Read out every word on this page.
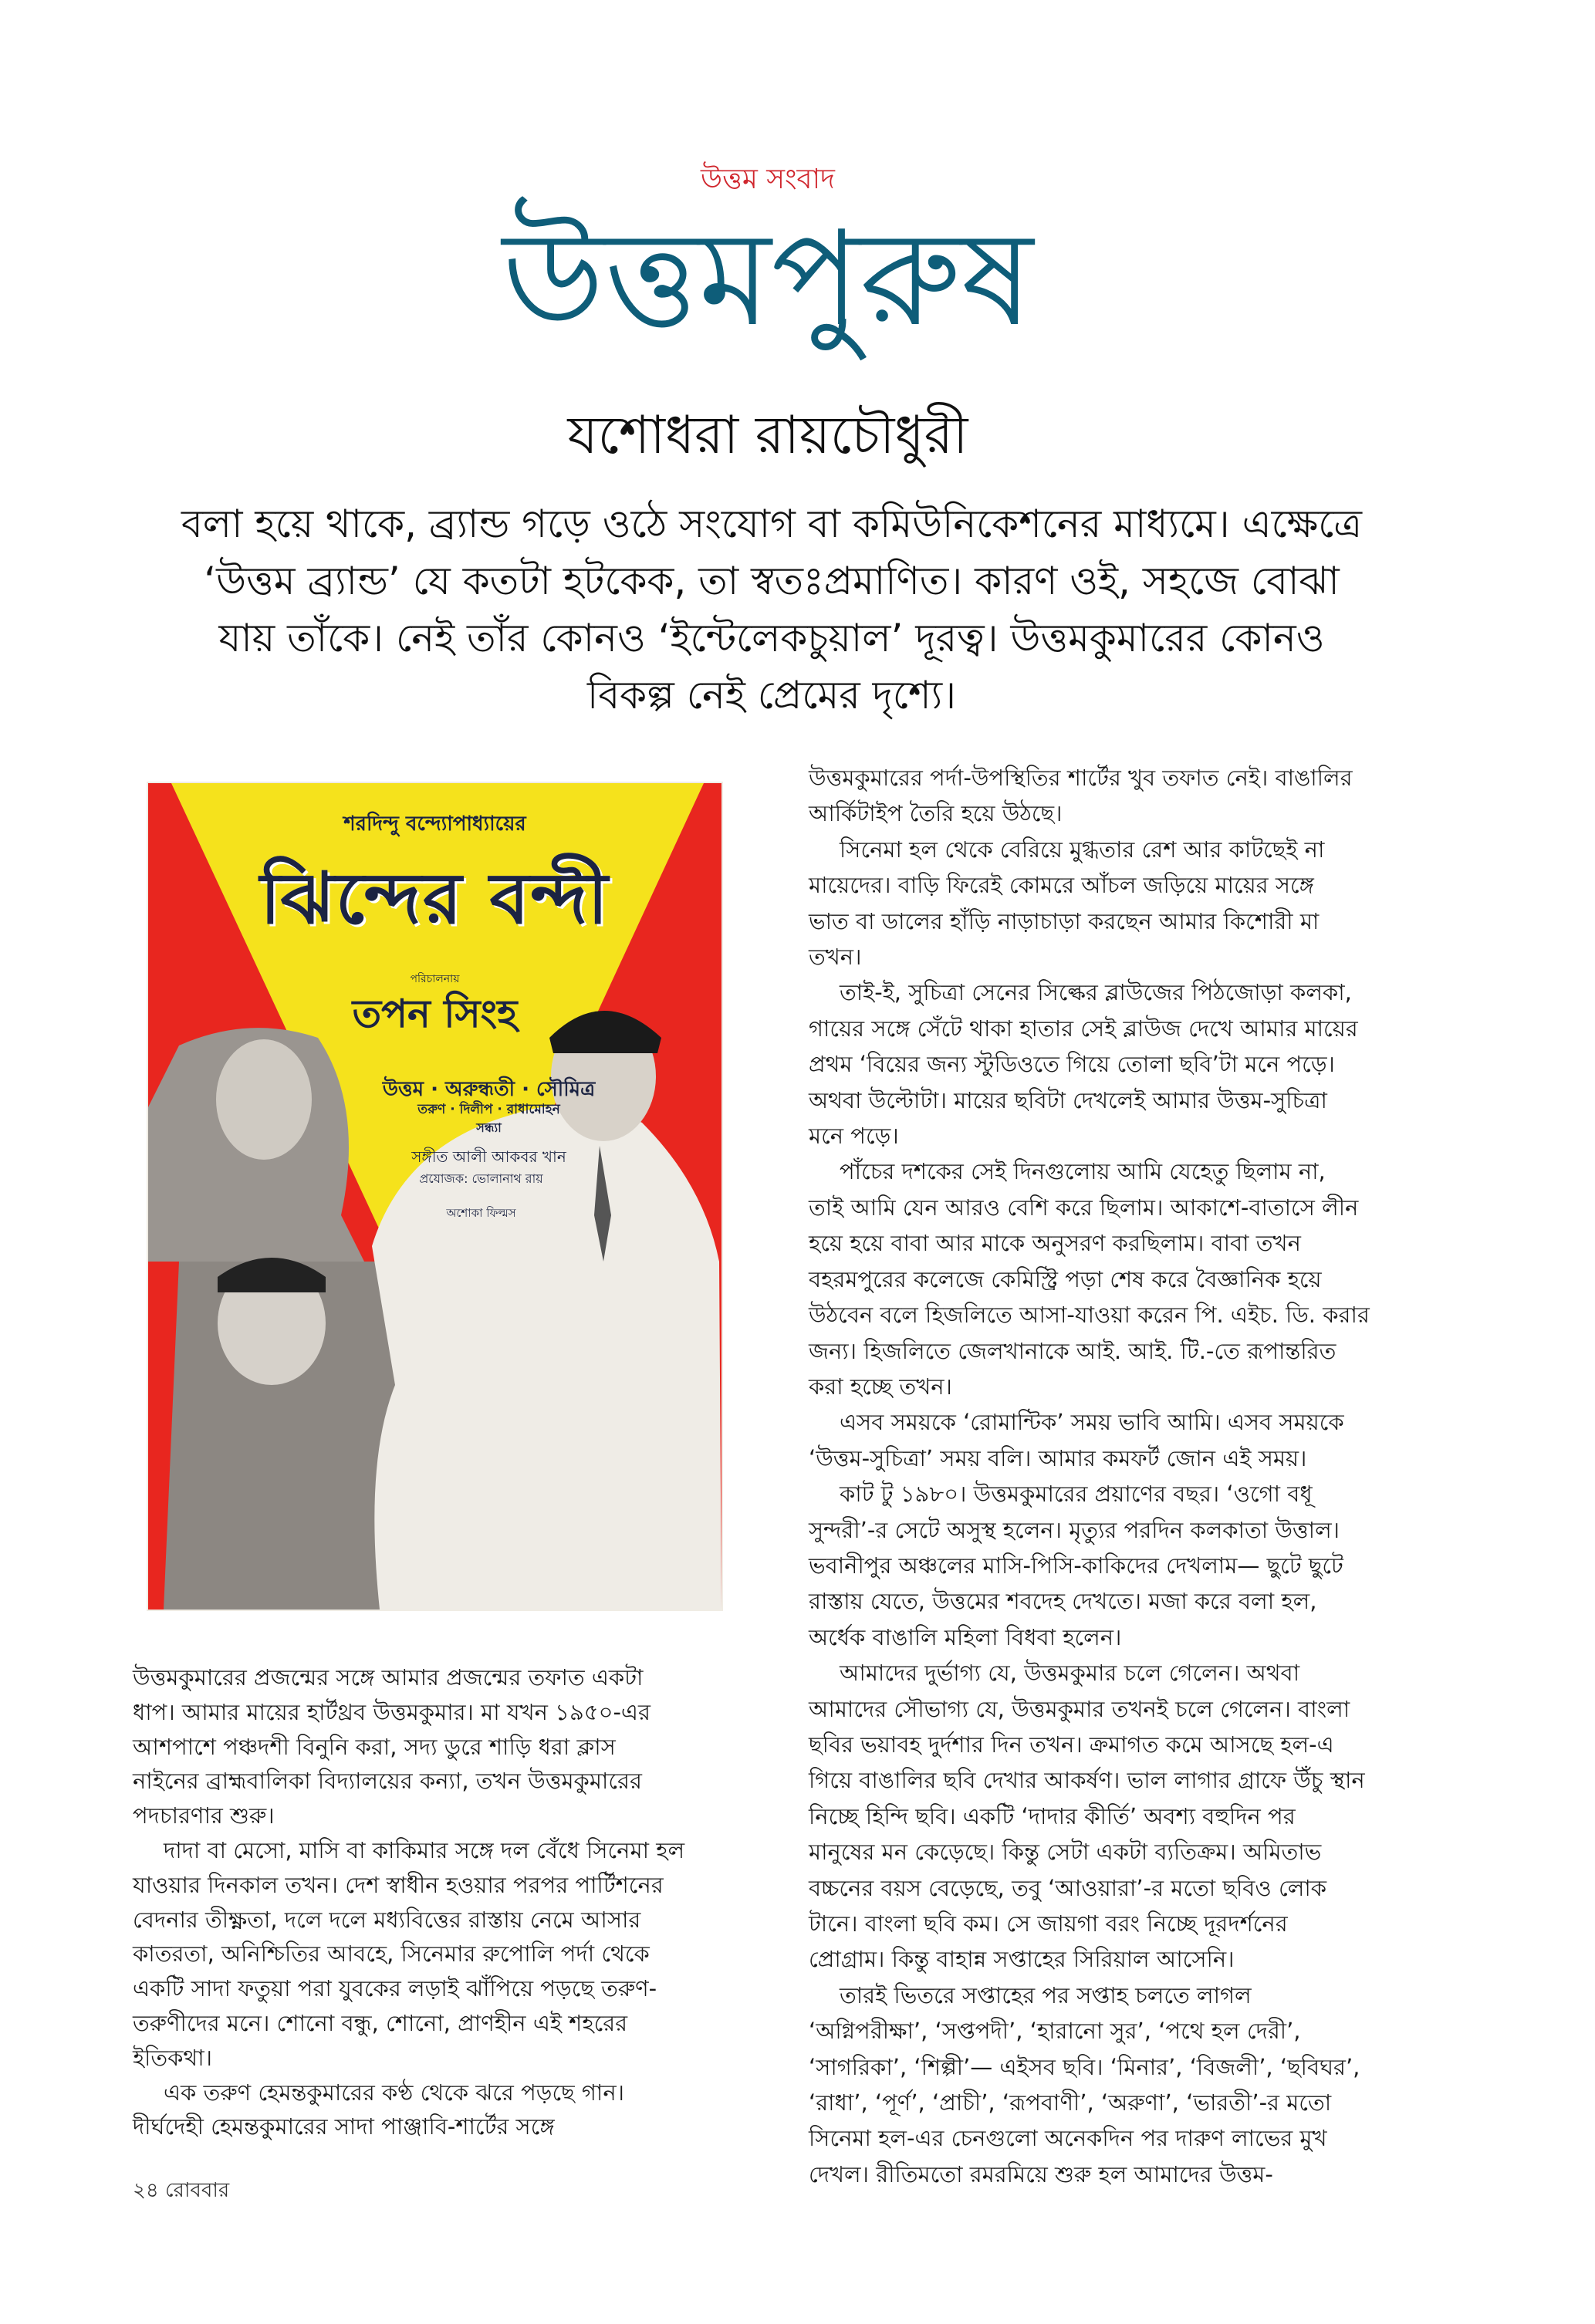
উত্তম সংবাদ
উত্তমপুরুষ
যশোধরা রায়চৌধুরী
বলা হয়ে থাকে, ব্র্যান্ড গড়ে ওঠে সংযোগ বা কমিউনিকেশনের মাধ্যমে। এক্ষেত্রে
‘উত্তম ব্র্যান্ড’ যে কতটা হটকেক, তা স্বতঃপ্রমাণিত। কারণ ওই, সহজে বোঝা
যায় তাঁকে। নেই তাঁর কোনও ‘ইন্টেলেকচুয়াল’ দূরত্ব। উত্তমকুমারের কোনও
বিকল্প নেই প্রেমের দৃশ্যে।
শরদিন্দু বন্দ্যোপাধ্যায়ের
ঝিন্দের বন্দী
পরিচালনায়
তপন সিংহ
উত্তম · অরুন্ধতী · সৌমিত্র
তরুণ · দিলীপ · রাধামোহন
সন্ধ্যা
সঙ্গীত আলী আকবর খান
প্রযোজক: ভোলানাথ রায়
অশোকা ফিল্মস
উত্তমকুমারের প্রজন্মের সঙ্গে আমার প্রজন্মের তফাত একটা
ধাপ। আমার মায়ের হার্টথ্রব উত্তমকুমার। মা যখন ১৯৫০-এর
আশপাশে পঞ্চদশী বিনুনি করা, সদ্য ডুরে শাড়ি ধরা ক্লাস
নাইনের ব্রাহ্মবালিকা বিদ্যালয়ের কন্যা, তখন উত্তমকুমারের
পদচারণার শুরু।
দাদা বা মেসো, মাসি বা কাকিমার সঙ্গে দল বেঁধে সিনেমা হল
যাওয়ার দিনকাল তখন। দেশ স্বাধীন হওয়ার পরপর পার্টিশনের
বেদনার তীক্ষ্ণতা, দলে দলে মধ্যবিত্তের রাস্তায় নেমে আসার
কাতরতা, অনিশ্চিতির আবহে, সিনেমার রুপোলি পর্দা থেকে
একটি সাদা ফতুয়া পরা যুবকের লড়াই ঝাঁপিয়ে পড়ছে তরুণ-
তরুণীদের মনে। শোনো বন্ধু, শোনো, প্রাণহীন এই শহরের
ইতিকথা।
এক তরুণ হেমন্তকুমারের কণ্ঠ থেকে ঝরে পড়ছে গান।
দীর্ঘদেহী হেমন্তকুমারের সাদা পাঞ্জাবি-শার্টের সঙ্গে
উত্তমকুমারের পর্দা-উপস্থিতির শার্টের খুব তফাত নেই। বাঙালির
আর্কিটাইপ তৈরি হয়ে উঠছে।
সিনেমা হল থেকে বেরিয়ে মুগ্ধতার রেশ আর কাটছেই না
মায়েদের। বাড়ি ফিরেই কোমরে আঁচল জড়িয়ে মায়ের সঙ্গে
ভাত বা ডালের হাঁড়ি নাড়াচাড়া করছেন আমার কিশোরী মা
তখন।
তাই-ই, সুচিত্রা সেনের সিল্কের ব্লাউজের পিঠজোড়া কলকা,
গায়ের সঙ্গে সেঁটে থাকা হাতার সেই ব্লাউজ দেখে আমার মায়ের
প্রথম ‘বিয়ের জন্য স্টুডিওতে গিয়ে তোলা ছবি’টা মনে পড়ে।
অথবা উল্টোটা। মায়ের ছবিটা দেখলেই আমার উত্তম-সুচিত্রা
মনে পড়ে।
পাঁচের দশকের সেই দিনগুলোয় আমি যেহেতু ছিলাম না,
তাই আমি যেন আরও বেশি করে ছিলাম। আকাশে-বাতাসে লীন
হয়ে হয়ে বাবা আর মাকে অনুসরণ করছিলাম। বাবা তখন
বহরমপুরের কলেজে কেমিস্ট্রি পড়া শেষ করে বৈজ্ঞানিক হয়ে
উঠবেন বলে হিজলিতে আসা-যাওয়া করেন পি. এইচ. ডি. করার
জন্য। হিজলিতে জেলখানাকে আই. আই. টি.-তে রূপান্তরিত
করা হচ্ছে তখন।
এসব সময়কে ‘রোমান্টিক’ সময় ভাবি আমি। এসব সময়কে
‘উত্তম-সুচিত্রা’ সময় বলি। আমার কমফর্ট জোন এই সময়।
কাট টু ১৯৮০। উত্তমকুমারের প্রয়াণের বছর। ‘ওগো বধূ
সুন্দরী’-র সেটে অসুস্থ হলেন। মৃত্যুর পরদিন কলকাতা উত্তাল।
ভবানীপুর অঞ্চলের মাসি-পিসি-কাকিদের দেখলাম— ছুটে ছুটে
রাস্তায় যেতে, উত্তমের শবদেহ দেখতে। মজা করে বলা হল,
অর্ধেক বাঙালি মহিলা বিধবা হলেন।
আমাদের দুর্ভাগ্য যে, উত্তমকুমার চলে গেলেন। অথবা
আমাদের সৌভাগ্য যে, উত্তমকুমার তখনই চলে গেলেন। বাংলা
ছবির ভয়াবহ দুর্দশার দিন তখন। ক্রমাগত কমে আসছে হল-এ
গিয়ে বাঙালির ছবি দেখার আকর্ষণ। ভাল লাগার গ্রাফে উঁচু স্থান
নিচ্ছে হিন্দি ছবি। একটি ‘দাদার কীর্তি’ অবশ্য বহুদিন পর
মানুষের মন কেড়েছে। কিন্তু সেটা একটা ব্যতিক্রম। অমিতাভ
বচ্চনের বয়স বেড়েছে, তবু ‘আওয়ারা’-র মতো ছবিও লোক
টানে। বাংলা ছবি কম। সে জায়গা বরং নিচ্ছে দূরদর্শনের
প্রোগ্রাম। কিন্তু বাহান্ন সপ্তাহের সিরিয়াল আসেনি।
তারই ভিতরে সপ্তাহের পর সপ্তাহ চলতে লাগল
‘অগ্নিপরীক্ষা’, ‘সপ্তপদী’, ‘হারানো সুর’, ‘পথে হল দেরী’,
‘সাগরিকা’, ‘শিল্পী’— এইসব ছবি। ‘মিনার’, ‘বিজলী’, ‘ছবিঘর’,
‘রাধা’, ‘পূর্ণ’, ‘প্রাচী’, ‘রূপবাণী’, ‘অরুণা’, ‘ভারতী’-র মতো
সিনেমা হল-এর চেনগুলো অনেকদিন পর দারুণ লাভের মুখ
দেখল। রীতিমতো রমরমিয়ে শুরু হল আমাদের উত্তম-
২৪ রোববার
